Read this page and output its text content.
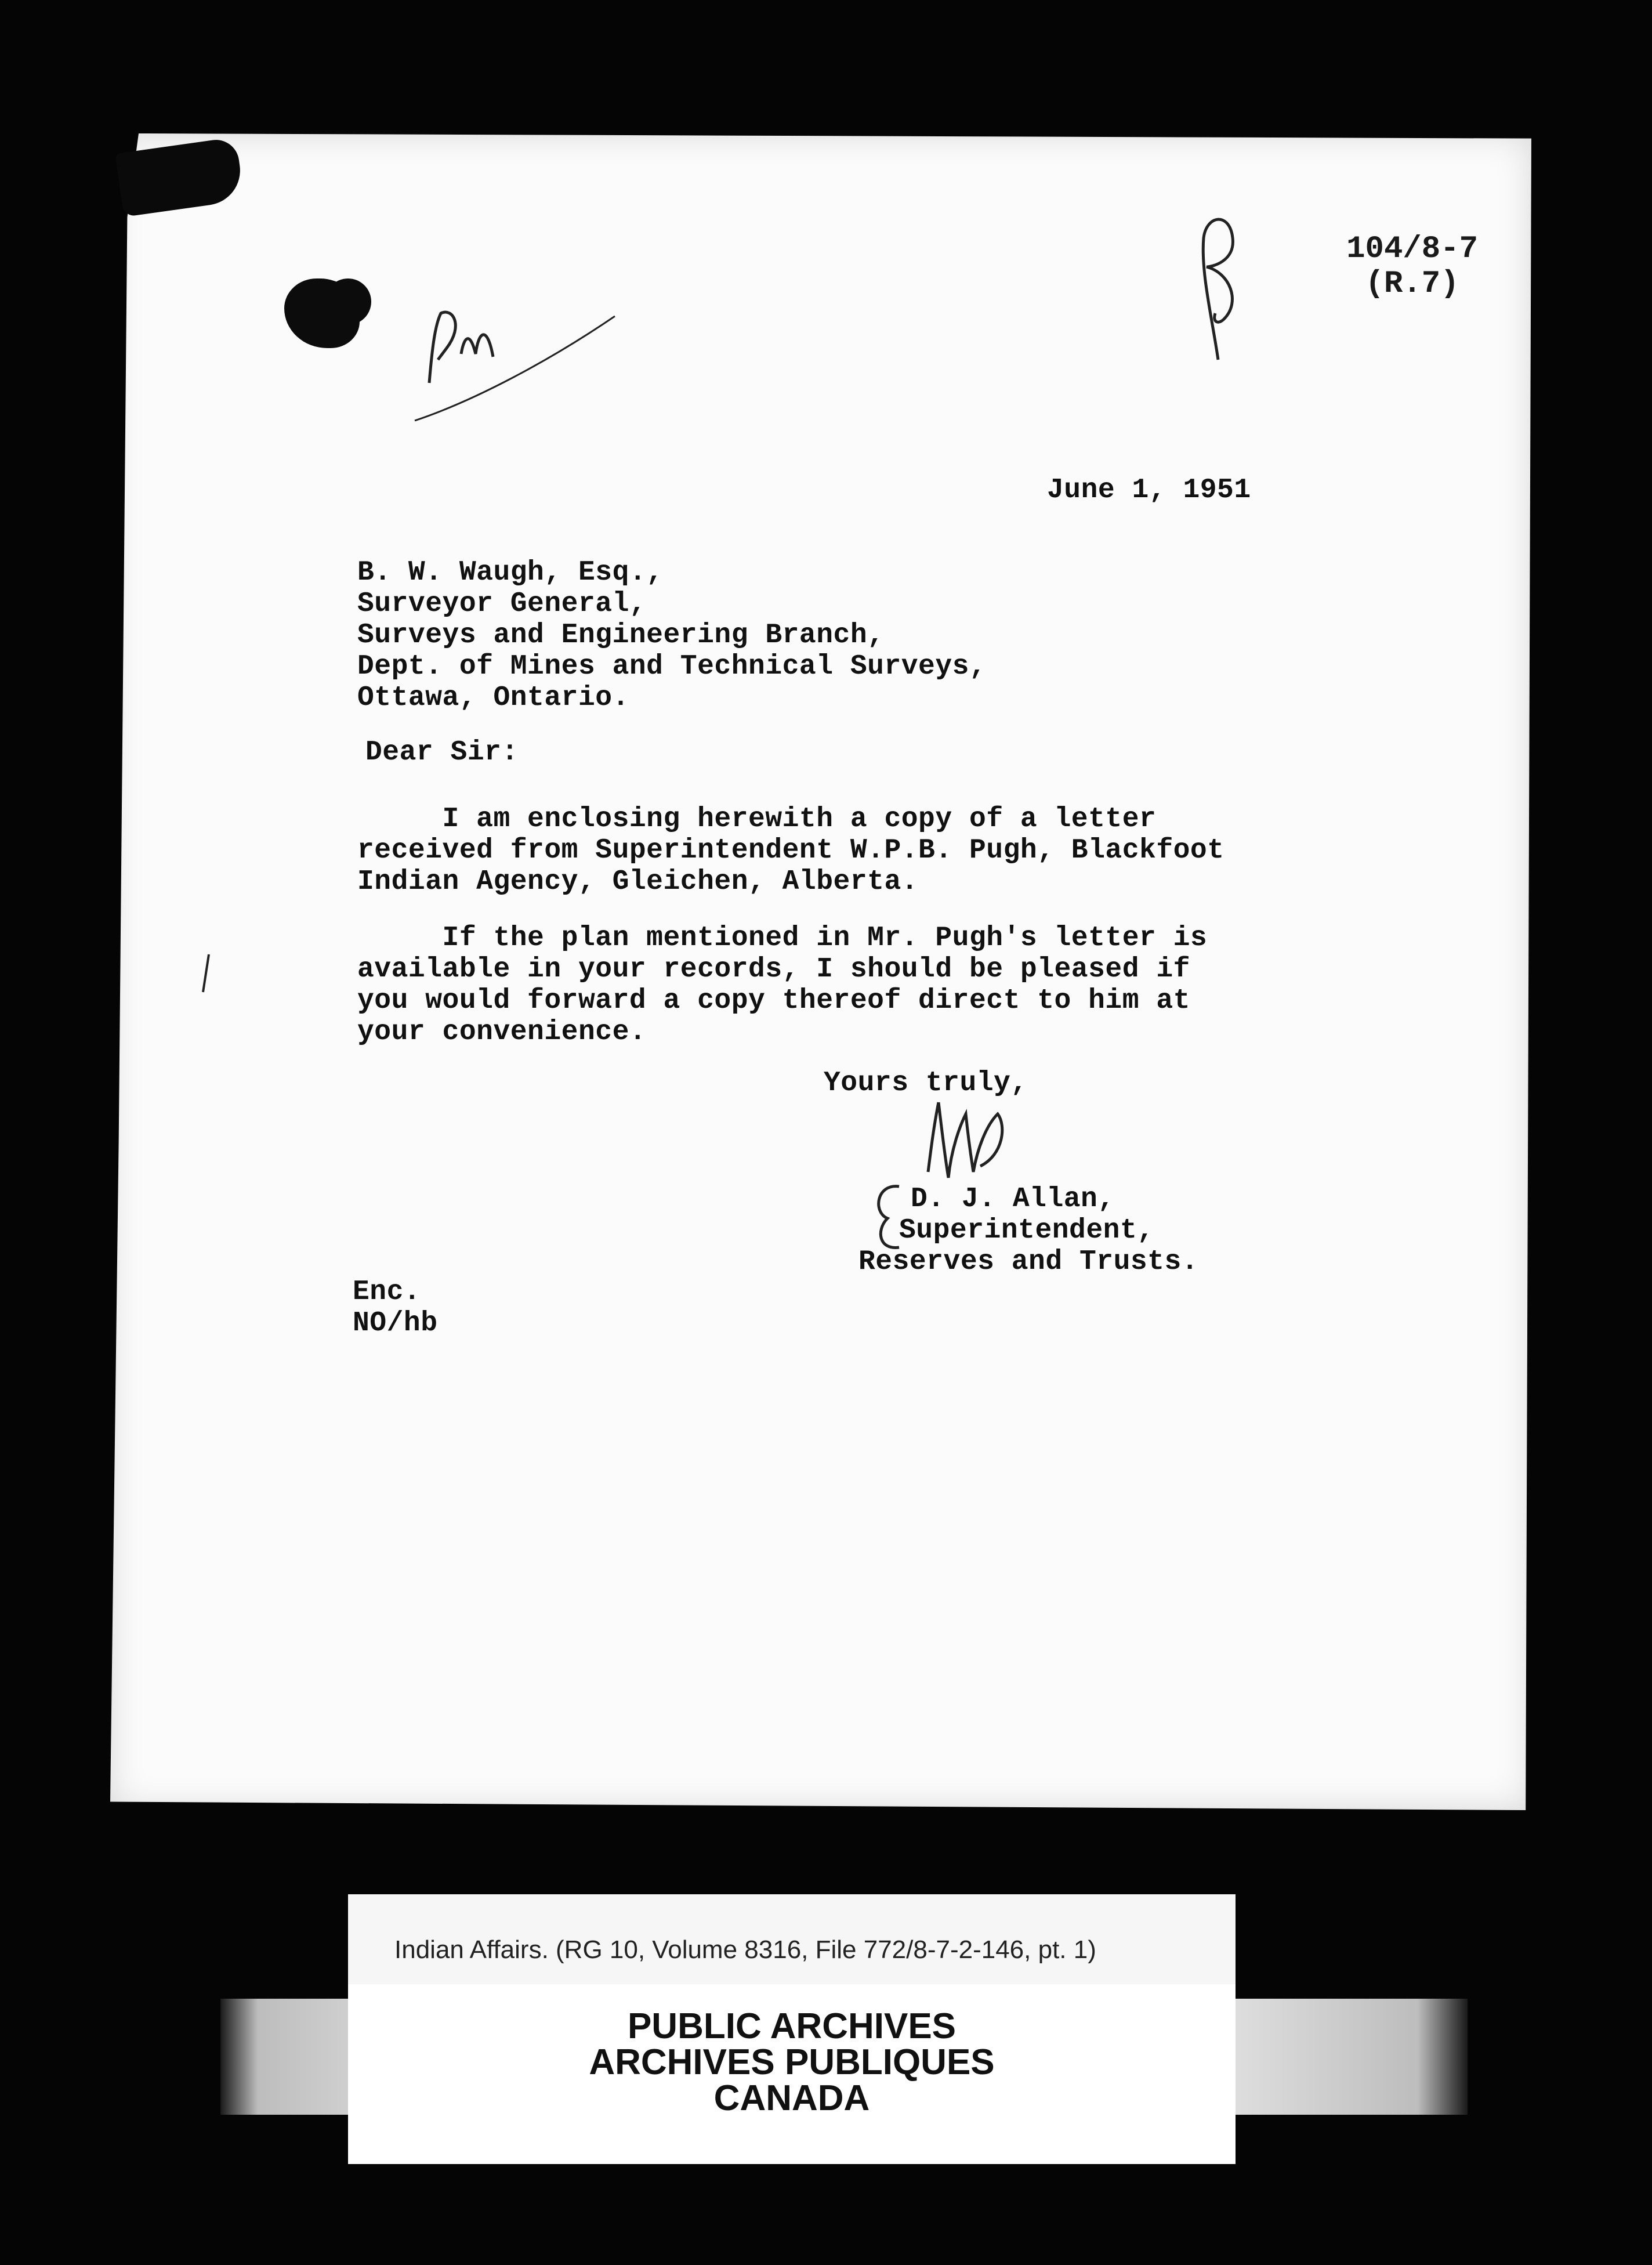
104/8-7
(R.7)
June 1, 1951
B. W. Waugh, Esq.,
Surveyor General,
Surveys and Engineering Branch,
Dept. of Mines and Technical Surveys,
Ottawa, Ontario.
Dear Sir:
I am enclosing herewith a copy of a letter
received from Superintendent W.P.B. Pugh, Blackfoot
Indian Agency, Gleichen, Alberta.
If the plan mentioned in Mr. Pugh's letter is
available in your records, I should be pleased if
you would forward a copy thereof direct to him at
your convenience.
Yours truly,
D. J. Allan,
Superintendent,
Reserves and Trusts.
Enc.
NO/hb
Indian Affairs. (RG 10, Volume 8316, File 772/8-7-2-146, pt. 1)
PUBLIC ARCHIVES
ARCHIVES PUBLIQUES
CANADA
